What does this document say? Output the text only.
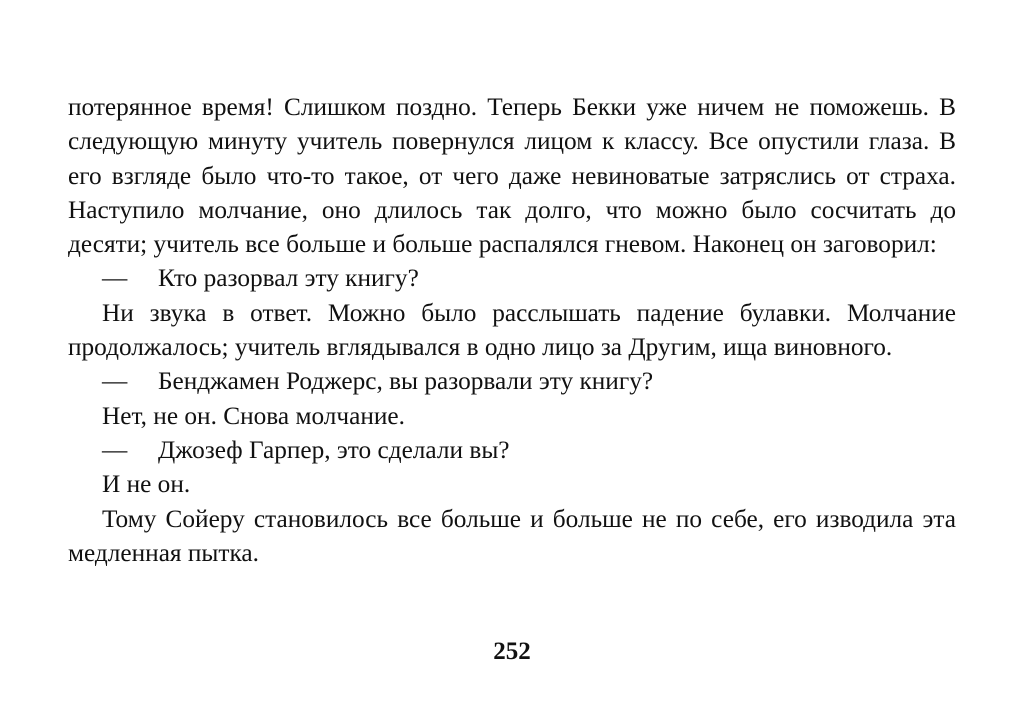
потерянное время! Слишком поздно. Теперь Бекки уже ничем не поможешь. В следующую минуту учитель повернулся лицом к классу. Все опустили глаза. В его взгляде было что-то такое, от чего даже невиноватые затряслись от страха. Наступило молчание, оно длилось так долго, что можно было сосчитать до десяти; учитель все больше и больше распалялся гневом. Наконец он заговорил:

— Кто разорвал эту книгу?

Ни звука в ответ. Можно было расслышать падение булавки. Молчание продолжалось; учитель вглядывался в одно лицо за Другим, ища виновного.

— Бенджамен Роджерс, вы разорвали эту книгу?

Нет, не он. Снова молчание.

— Джозеф Гарпер, это сделали вы?

И не он.

Тому Сойеру становилось все больше и больше не по себе, его изводила эта медленная пытка.

252
